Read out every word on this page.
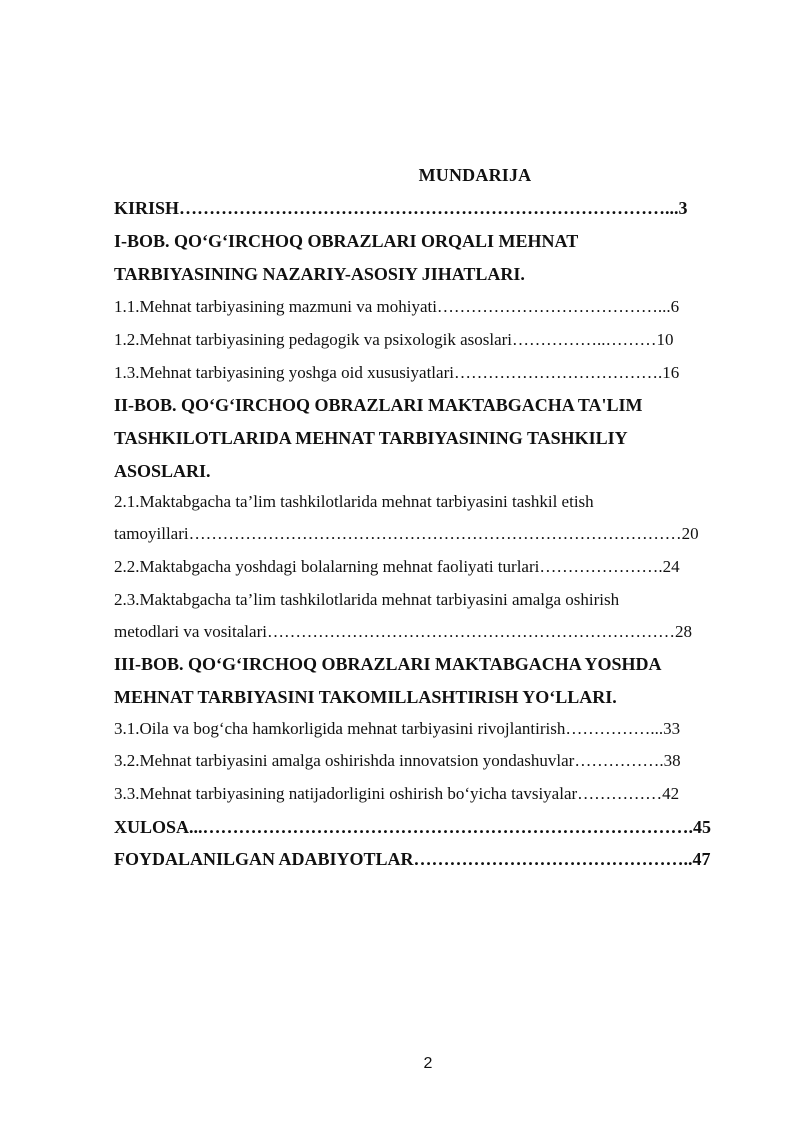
MUNDARIJA
KIRISH………………………………………………………………………...3
I-BOB. QO‘G‘IRCHOQ OBRAZLARI ORQALI MEHNAT
TARBIYASINING NAZARIY-ASOSIY JIHATLARI.
1.1.Mehnat tarbiyasining mazmuni va mohiyati…………………………………...6
1.2.Mehnat tarbiyasining pedagogik va psixologik asoslari……………..………10
1.3.Mehnat tarbiyasining yoshga oid xususiyatlari……………………………….16
II-BOB. QO‘G‘IRCHOQ OBRAZLARI MAKTABGACHA TA'LIM
TASHKILOTLARIDA MEHNAT TARBIYASINING TASHKILIY
ASOSLARI.
2.1.Maktabgacha ta’lim tashkilotlarida mehnat tarbiyasini tashkil etish
tamoyillari……………………………………………………………………………20
2.2.Maktabgacha yoshdagi bolalarning mehnat faoliyati turlari………………….24
2.3.Maktabgacha ta’lim tashkilotlarida mehnat tarbiyasini amalga oshirish
metodlari va vositalari………………………………………………………………28
III-BOB. QO‘G‘IRCHOQ OBRAZLARI MAKTABGACHA YOSHDA
MEHNAT TARBIYASINI TAKOMILLASHTIRISH YO‘LLARI.
3.1.Oila va bog‘cha hamkorligida mehnat tarbiyasini rivojlantirish……………...33
3.2.Mehnat tarbiyasini amalga oshirishda innovatsion yondashuvlar…………….38
3.3.Mehnat tarbiyasining natijadorligini oshirish bo‘yicha tavsiyalar……………42
XULOSA...……………………………………………………………………….45
FOYDALANILGAN ADABIYOTLAR………………………………………..47
2
